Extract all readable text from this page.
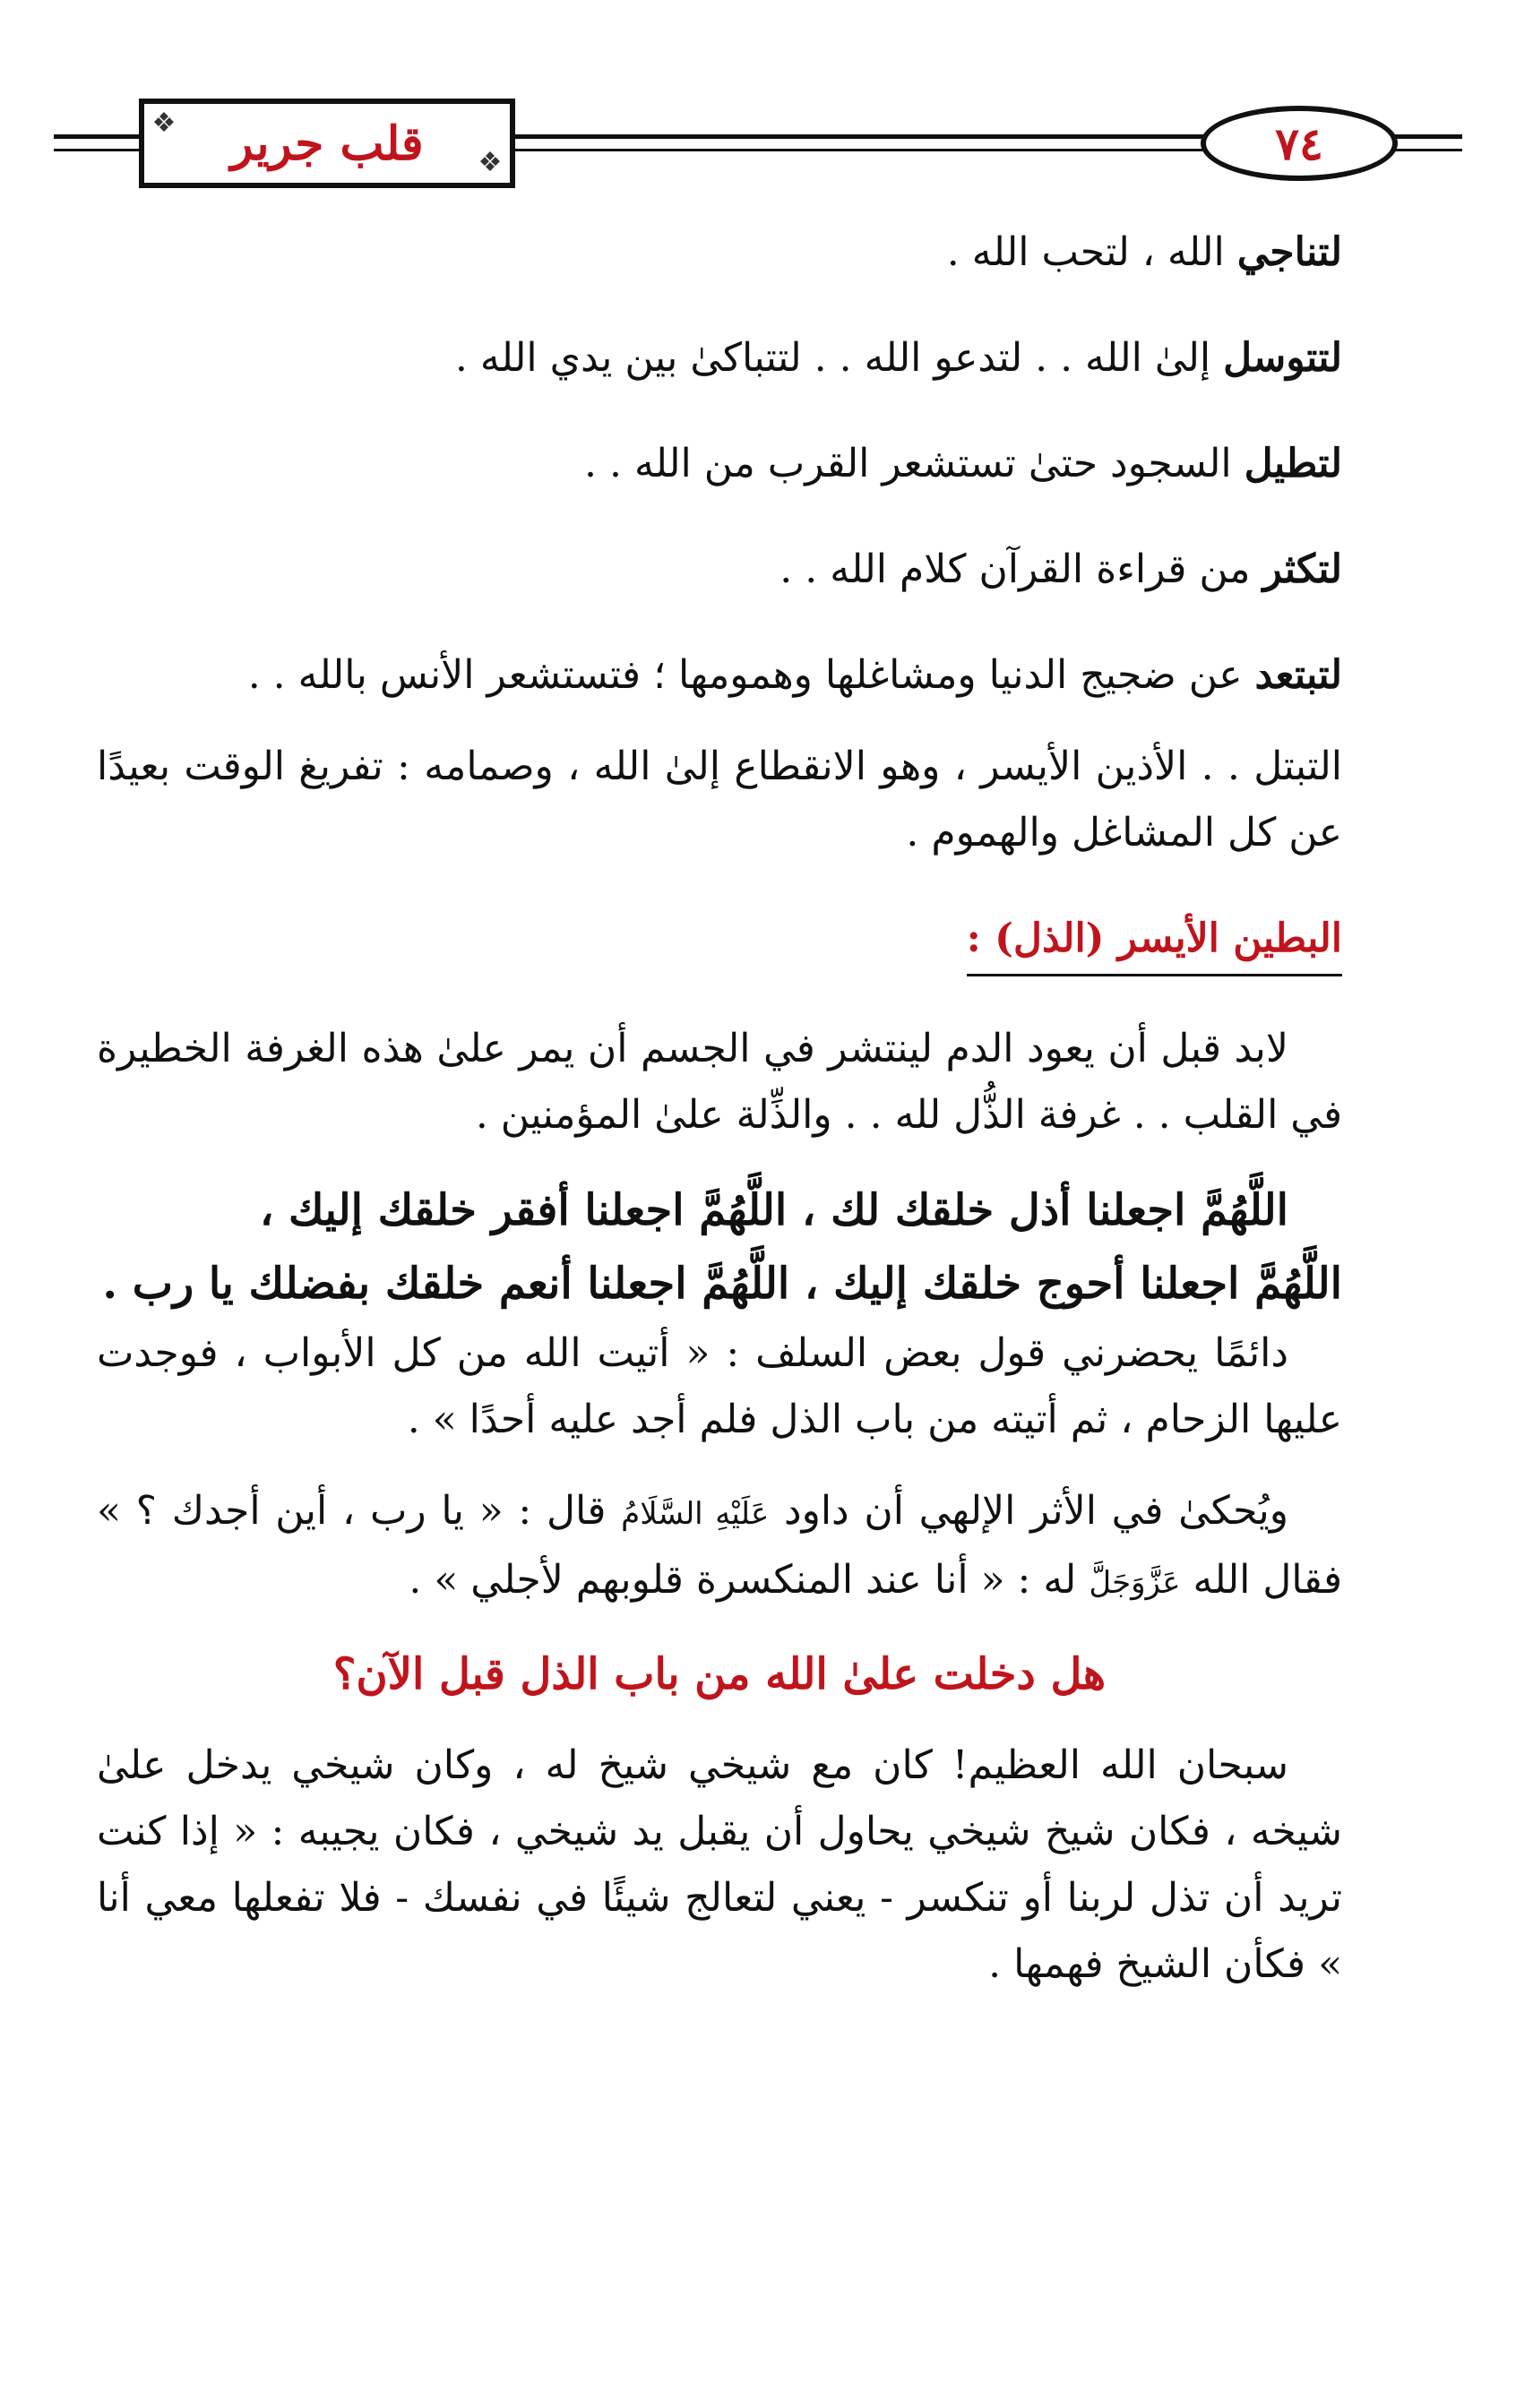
❖
❖
قلب جرير	٧٤

لتناجي الله ، لتحب الله .

لتتوسل إلىٰ الله . . لتدعو الله . . لتتباكىٰ بين يدي الله .

لتطيل السجود حتىٰ تستشعر القرب من الله . .

لتكثر من قراءة القرآن كلام الله . .

لتبتعد عن ضجيج الدنيا ومشاغلها وهمومها ؛ فتستشعر الأنس بالله . .

التبتل . . الأذين الأيسر ، وهو الانقطاع إلىٰ الله ، وصمامه : تفريغ الوقت بعيدًا عن كل المشاغل والهموم .

البطين الأيسر (الذل) :

لابد قبل أن يعود الدم لينتشر في الجسم أن يمر علىٰ هذه الغرفة الخطيرة في القلب . . غرفة الذُّل لله . . والذِّلة علىٰ المؤمنين .

اللَّهُمَّ اجعلنا أذل خلقك لك ، اللَّهُمَّ اجعلنا أفقر خلقك إليك ،

اللَّهُمَّ اجعلنا أحوج خلقك إليك ، اللَّهُمَّ اجعلنا أنعم خلقك بفضلك يا رب .

دائمًا يحضرني قول بعض السلف : « أتيت الله من كل الأبواب ، فوجدت عليها الزحام ، ثم أتيته من باب الذل فلم أجد عليه أحدًا » .

ويُحكىٰ في الأثر الإلهي أن داود عَلَيْهِ السَّلَامُ قال : « يا رب ، أين أجدك ؟ » فقال الله عَزَّوَجَلَّ له : « أنا عند المنكسرة قلوبهم لأجلي » .

هل دخلت علىٰ الله من باب الذل قبل الآن؟

سبحان الله العظيم! كان مع شيخي شيخ له ، وكان شيخي يدخل علىٰ شيخه ، فكان شيخ شيخي يحاول أن يقبل يد شيخي ، فكان يجيبه : « إذا كنت تريد أن تذل لربنا أو تنكسر - يعني لتعالج شيئًا في نفسك - فلا تفعلها معي أنا » فكأن الشيخ فهمها .
